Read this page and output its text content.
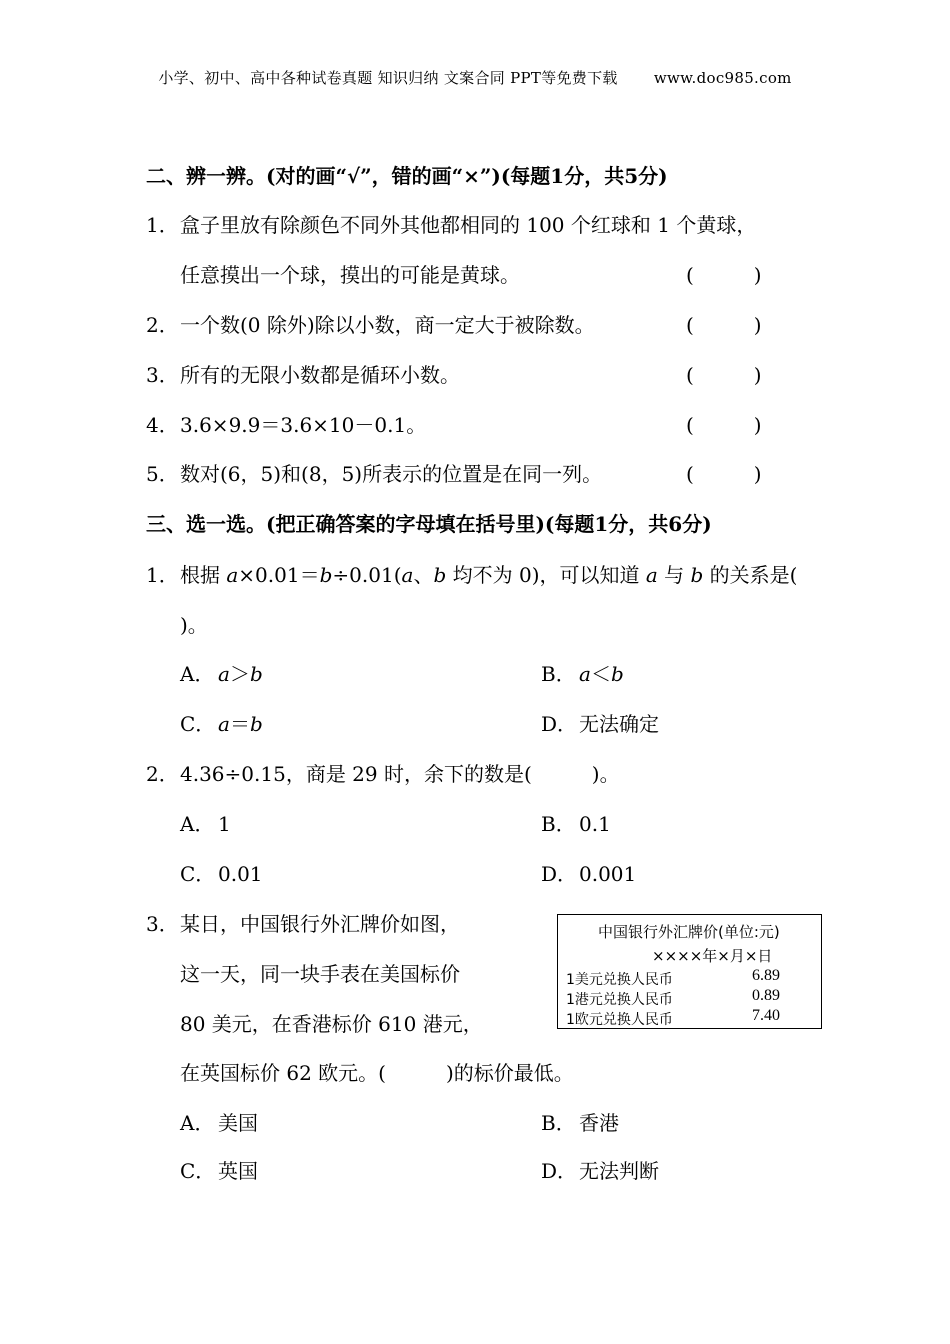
小学、初中、高中各种试卷真题 知识归纳 文案合同 PPT等免费下载 www.doc985.com
二、辨一辨。(对的画“√”，错的画“×”)(每题1分，共5分)
1．盒子里放有除颜色不同外其他都相同的 100 个红球和 1 个黄球，
任意摸出一个球，摸出的可能是黄球。	(　　　)
2．一个数(0 除外)除以小数，商一定大于被除数。	(　　　)
3．所有的无限小数都是循环小数。	(　　　)
4．3.6×9.9＝3.6×10－0.1。	(　　　)
5．数对(6，5)和(8，5)所表示的位置是在同一列。	(　　　)
三、选一选。(把正确答案的字母填在括号里)(每题1分，共6分)
1．根据 a×0.01＝b÷0.01(a、b 均不为 0)，可以知道 a 与 b 的关系是(
)。
A． a＞b	B． a＜b
C． a＝b	D．无法确定
2．4.36÷0.15，商是 29 时，余下的数是(　　　)。
A． 1	B． 0.1
C． 0.01	D．0.001
3．某日，中国银行外汇牌价如图，
这一天，同一块手表在美国标价
80 美元，在香港标价 610 港元，
在英国标价 62 欧元。(　　　)的标价最低。
中国银行外汇牌价(单位:元)
××××年×月×日
1美元兑换人民币	6.89
1港元兑换人民币	0.89
1欧元兑换人民币	7.40
A． 美国	B． 香港
C． 英国	D．无法判断
